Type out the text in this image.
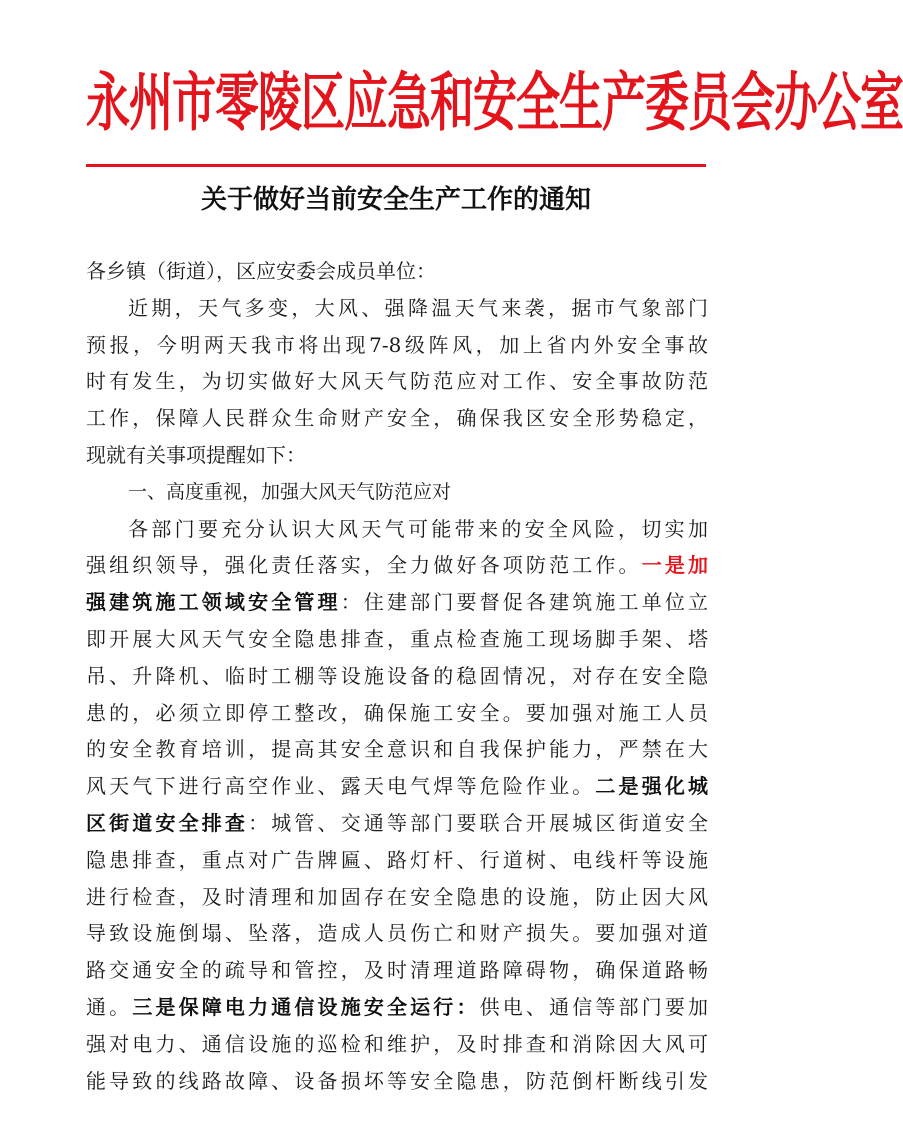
永州市零陵区应急和安全生产委员会办公室
关于做好当前安全生产工作的通知
各乡镇（街道），区应安委会成员单位：
近期，天气多变，大风、强降温天气来袭，据市气象部门
预报，今明两天我市将出现7-8级阵风，加上省内外安全事故
时有发生，为切实做好大风天气防范应对工作、安全事故防范
工作，保障人民群众生命财产安全，确保我区安全形势稳定，
现就有关事项提醒如下：
一、高度重视，加强大风天气防范应对
各部门要充分认识大风天气可能带来的安全风险，切实加
强组织领导，强化责任落实，全力做好各项防范工作。一是加
强建筑施工领域安全管理：住建部门要督促各建筑施工单位立
即开展大风天气安全隐患排查，重点检查施工现场脚手架、塔
吊、升降机、临时工棚等设施设备的稳固情况，对存在安全隐
患的，必须立即停工整改，确保施工安全。要加强对施工人员
的安全教育培训，提高其安全意识和自我保护能力，严禁在大
风天气下进行高空作业、露天电气焊等危险作业。二是强化城
区街道安全排查：城管、交通等部门要联合开展城区街道安全
隐患排查，重点对广告牌匾、路灯杆、行道树、电线杆等设施
进行检查，及时清理和加固存在安全隐患的设施，防止因大风
导致设施倒塌、坠落，造成人员伤亡和财产损失。要加强对道
路交通安全的疏导和管控，及时清理道路障碍物，确保道路畅
通。三是保障电力通信设施安全运行：供电、通信等部门要加
强对电力、通信设施的巡检和维护，及时排查和消除因大风可
能导致的线路故障、设备损坏等安全隐患，防范倒杆断线引发
